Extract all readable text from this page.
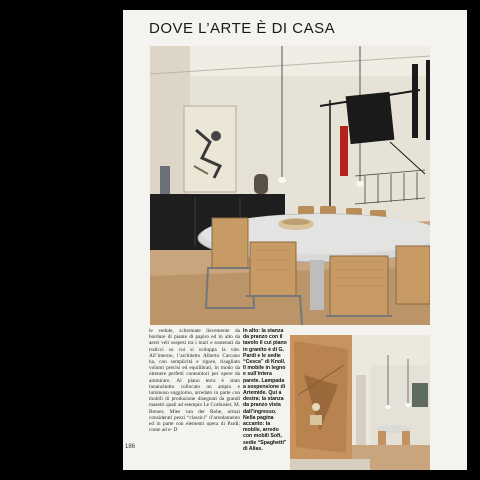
DOVE L’ARTE È DI CASA
le vedute, schermate lievemente da bordure di piante di papiro ed in alto da aerei veli sospesi tra i muri e sostenuti da traliccí su cui si sviluppa la vite. All’interno, l’architetto Alberto Carcano ha, con semplicità e rigore, risagliato volumi precisi ed equilibrati, in modo da ottenere perfetti contenitori per opere da ammirare. Al piano terra è stato innanzitutto collocato un ampio e luminoso soggiorno, arredato in parte con mobili di produzione disegnati da grandi maestri quali ad esempio Le Corbusier, M. Breuer, Mies van der Rohe, ormai considerati pezzi “classici” d’arredamento ed in parte con elementi opera di Pardi; come ad e- D
In alto: la stanza da pranzo con il tavolo il cui piano in granito è di G. Pardi e le sedie “Cesca” di Knoll. Il mobile in legno e sull’intera parete. Lampada a sospensione di Artemide. Qui a destra: la stanza da pranzo vista dall’ingresso. Nella pagina accanto: la mobile, arredo con mobili Soft, sedie “Spaghetti” di Alias.
186
